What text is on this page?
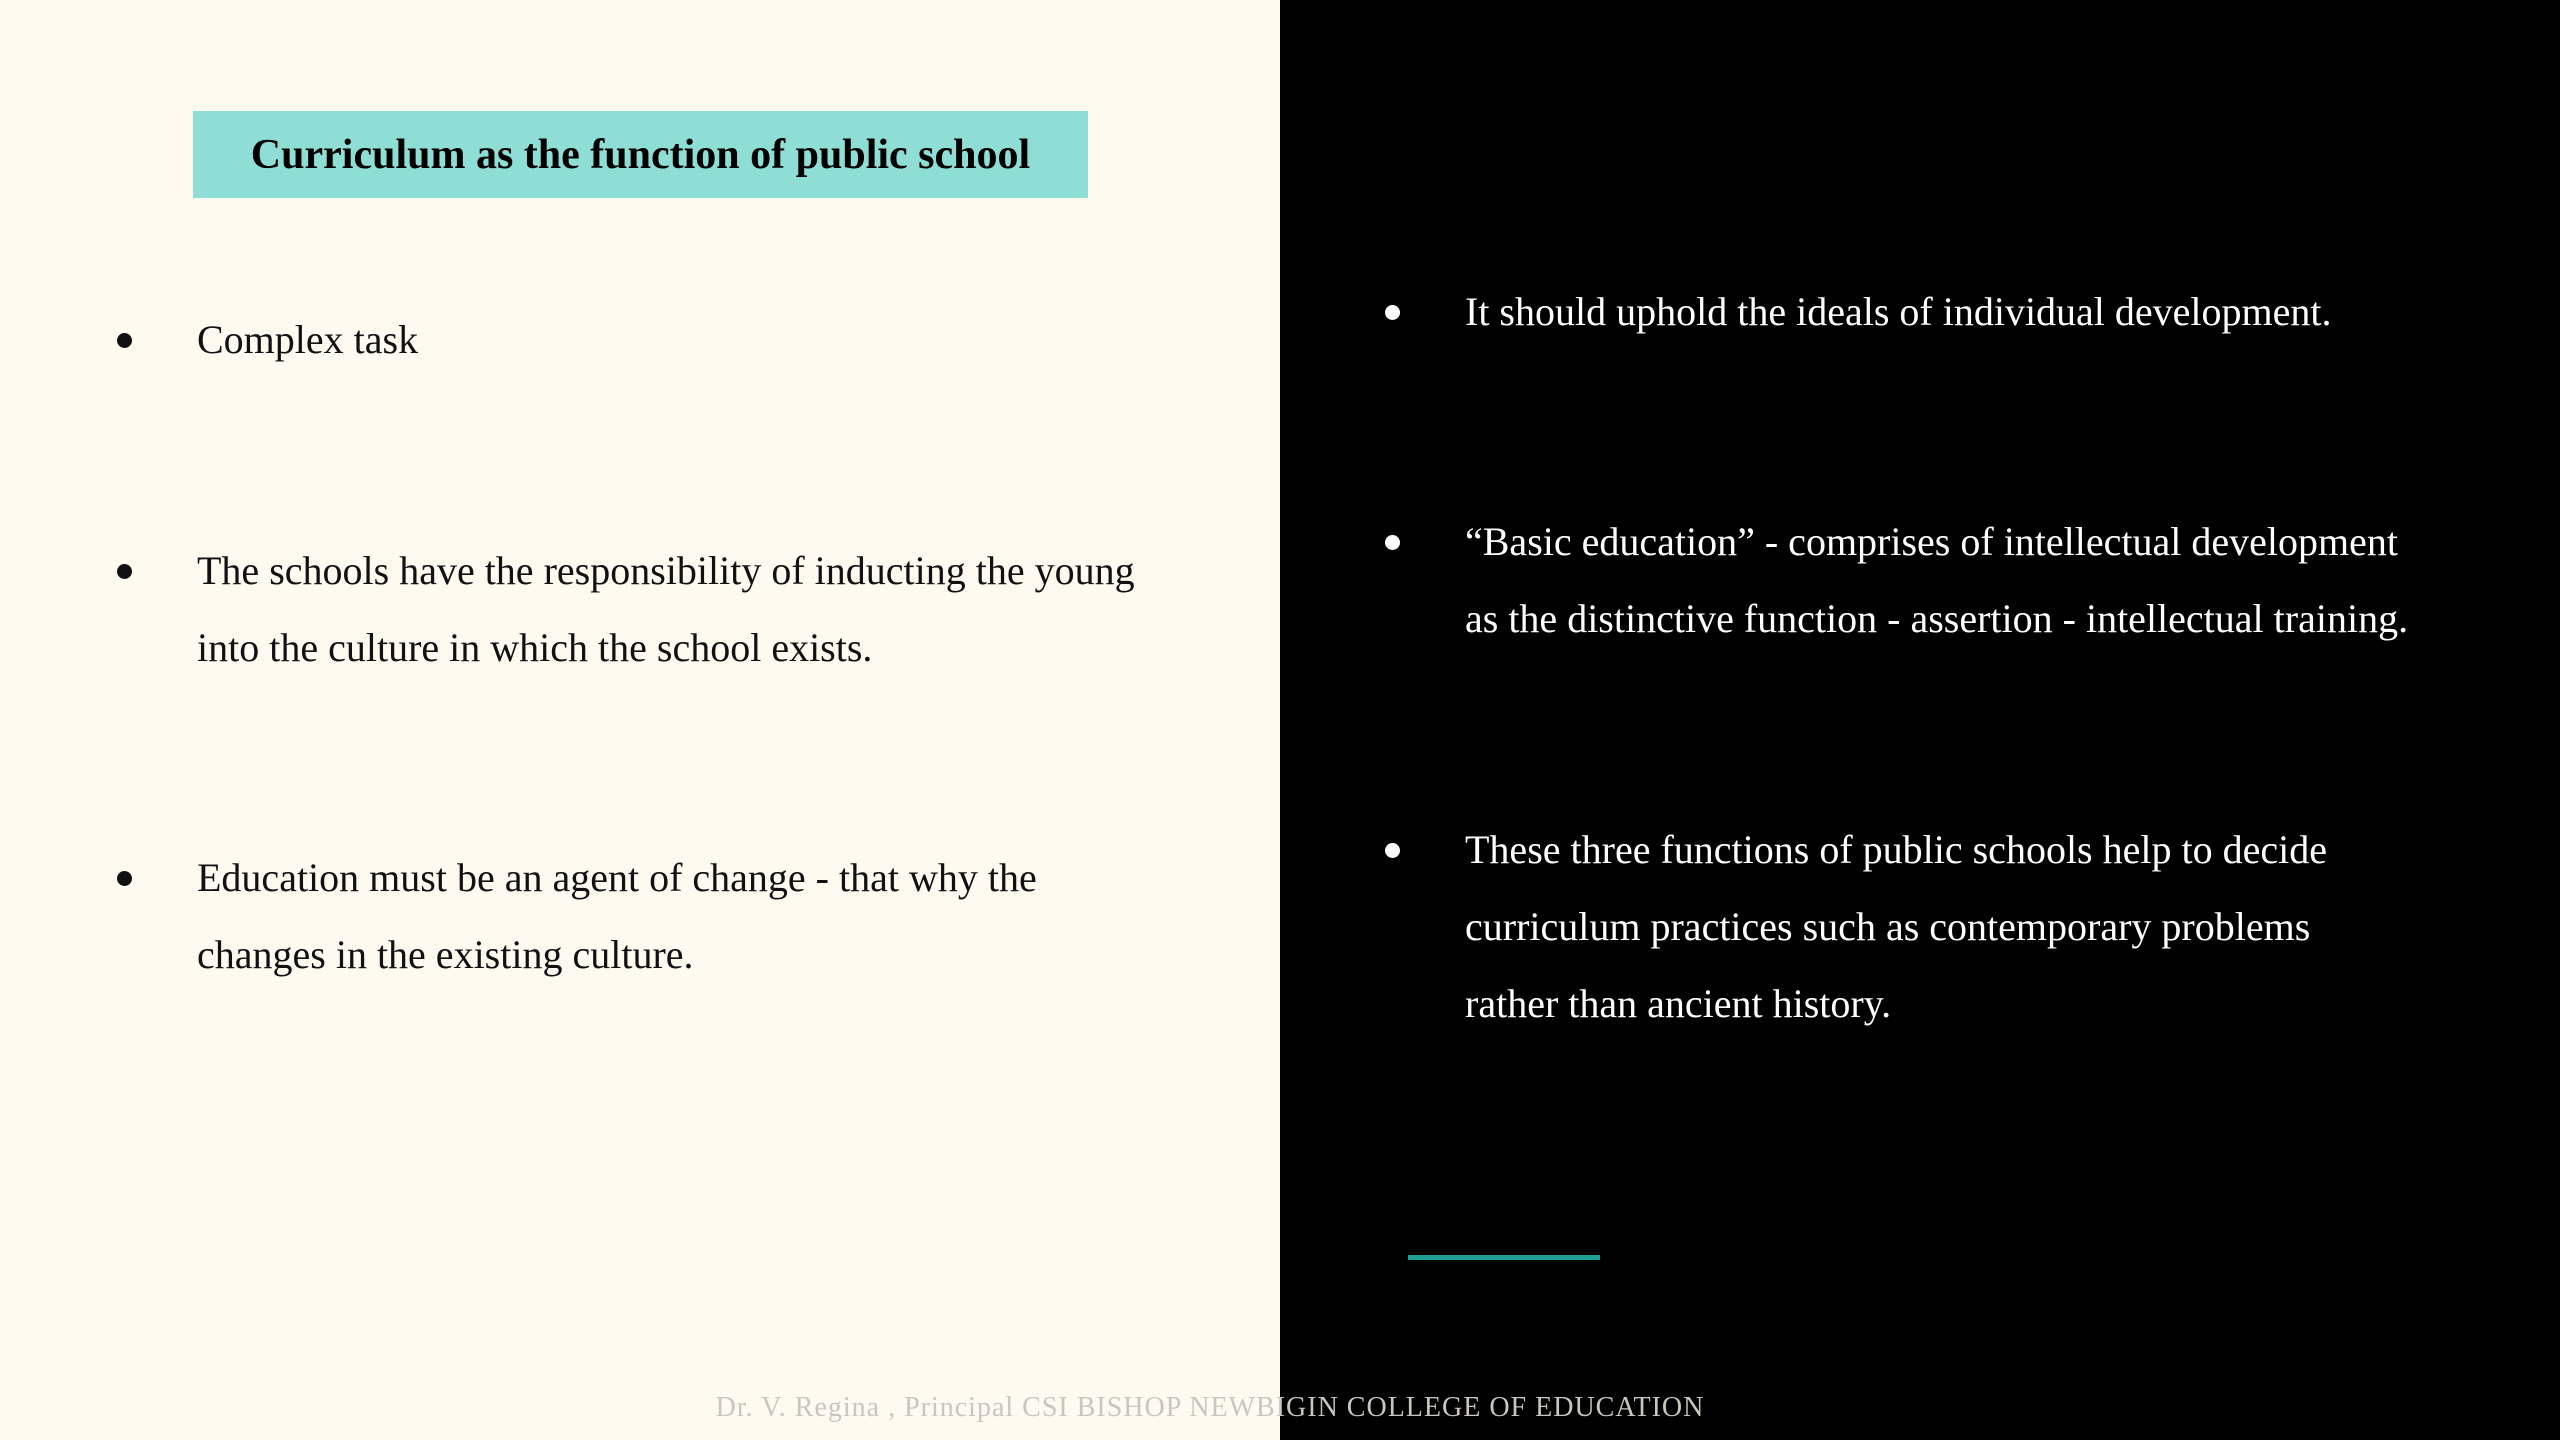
Curriculum as the function of public school
Complex task
The schools have the responsibility of inducting the young
into the culture in which the school exists.
Education must be an agent of change - that why the
changes in the existing culture.
It should uphold the ideals of individual development.
“Basic education” - comprises of intellectual development
as the distinctive function - assertion - intellectual training.
These three functions of public schools help to decide
curriculum practices such as contemporary problems
rather than ancient history.
Dr. V. Regina , Principal CSI BISHOP NEWBIGIN COLLEGE OF EDUCATION
